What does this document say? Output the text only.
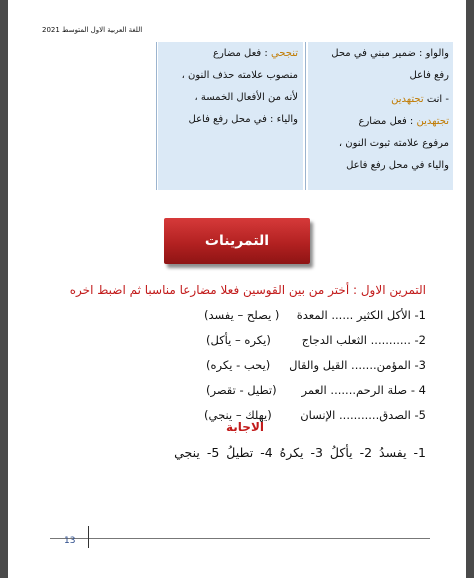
اللغة العربية الاول المتوسط 2021
والواو : ضمير مبني في محل
رفع فاعل
- انت تجتهدين
تجتهدين : فعل مضارع
مرفوع علامته ثبوت النون ،
والياء في محل رفع فاعل
تنجحي : فعل مضارع
منصوب علامته حذف النون ،
لأنه من الأفعال الخمسة ،
والياء : في محل رفع فاعل
التمرينات
التمرين الاول : أختر من بين القوسين فعلا مضارعا مناسبا ثم اضبط اخره
1- الأكل الكثير ...... المعدة
( يصلح – يفسد)
2- ........... الثعلب الدجاج
(يكره – يأكل)
3- المؤمن....... القيل والقال
(يحب - يكره)
4 - صلة الرحم....... العمر
(تطيل - تقصر)
5- الصدق........... الإنسان
(يهلك – ينجي)
الاجابة
1- يفسدُ 2- يأكلُ 3- يكرهُ 4- تطيلُ 5- ينجي
13
